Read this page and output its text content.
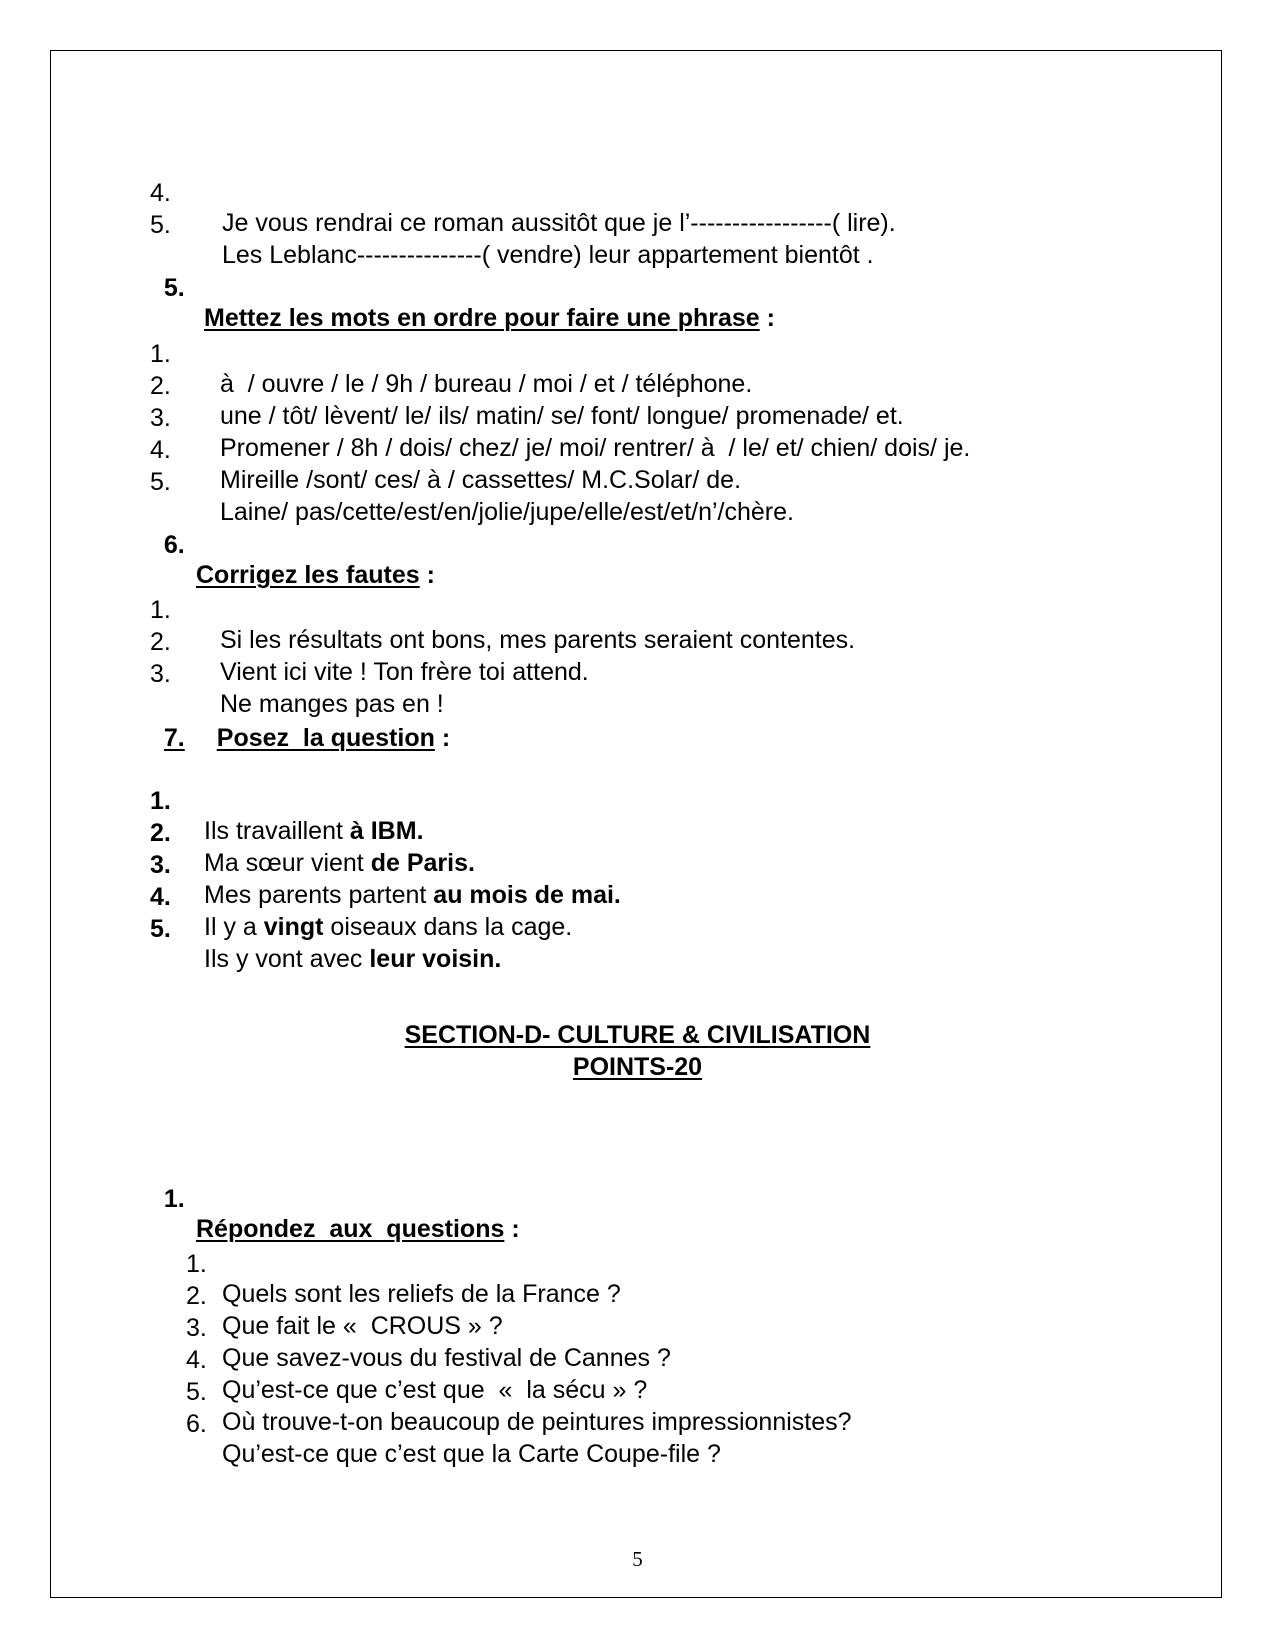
4.

Je vous rendrai ce roman aussitôt que je l’-----------------( lire).

5.

Les Leblanc---------------( vendre) leur appartement bientôt .

5.

Mettez les mots en ordre pour faire une phrase :

1.

à  / ouvre / le / 9h / bureau / moi / et / téléphone.

2.

une / tôt/ lèvent/ le/ ils/ matin/ se/ font/ longue/ promenade/ et.

3.

Promener / 8h / dois/ chez/ je/ moi/ rentrer/ à  / le/ et/ chien/ dois/ je.

4.

Mireille /sont/ ces/ à / cassettes/ M.C.Solar/ de.

5.

Laine/ pas/cette/est/en/jolie/jupe/elle/est/et/n’/chère.

6.

Corrigez les fautes :

1.

Si les résultats ont bons, mes parents seraient contentes.

2.

Vient ici vite ! Ton frère toi attend.

3.

Ne manges pas en !

7. Posez  la question :

1.

Ils travaillent à IBM.

2.

Ma sœur vient de Paris.

3.

Mes parents partent au mois de mai.

4.

Il y a vingt oiseaux dans la cage.

5.

Ils y vont avec leur voisin.

SECTION-D- CULTURE & CIVILISATION
POINTS-20

1.

Répondez  aux  questions :

1.

Quels sont les reliefs de la France ?

2.

Que fait le «  CROUS » ?

3.

Que savez-vous du festival de Cannes ?

4.

Qu’est-ce que c’est que  «  la sécu » ?

5.

Où trouve-t-on beaucoup de peintures impressionnistes?

6.

Qu’est-ce que c’est que la Carte Coupe-file ?

5
